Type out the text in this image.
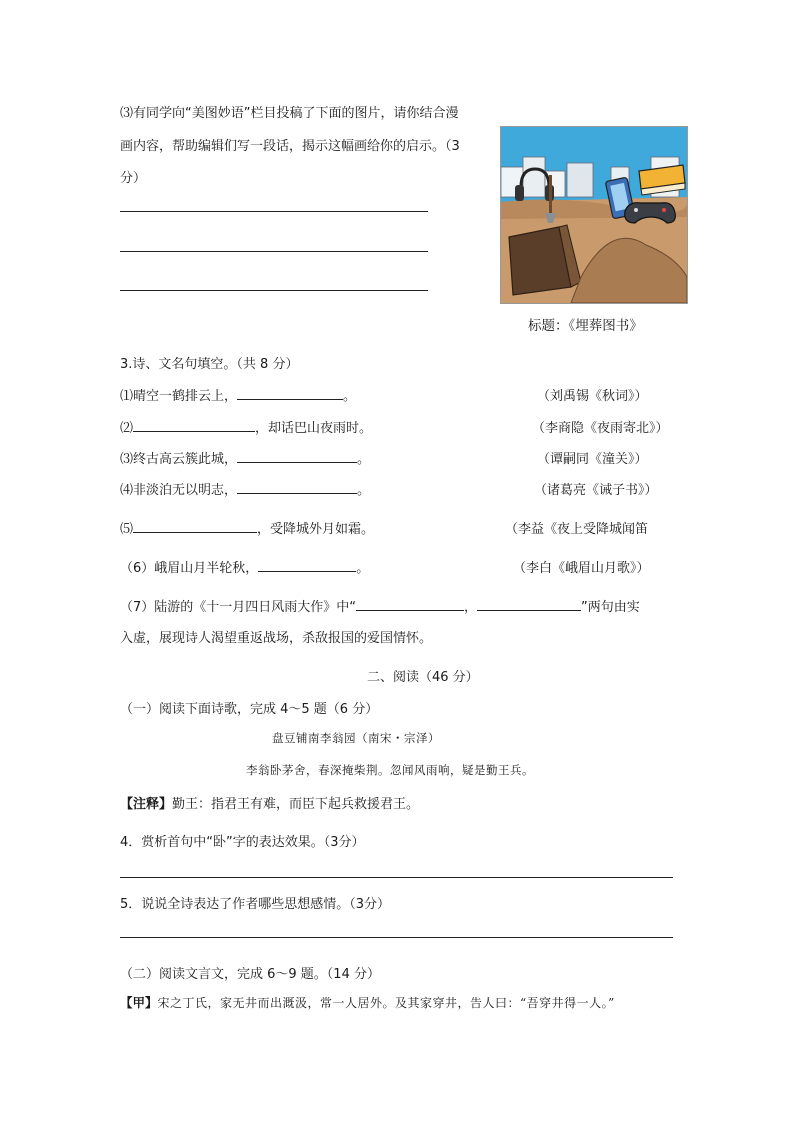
⑶有同学向“美图妙语”栏目投稿了下面的图片，请你结合漫
画内容，帮助编辑们写一段话，揭示这幅画给你的启示。（3
分）
标题：《埋葬图书》
3.诗、文名句填空。（共 8 分）
⑴晴空一鹤排云上，	。	（刘禹锡《秋词》）
⑵	，却话巴山夜雨时。	（李商隐《夜雨寄北》）
⑶终古高云簇此城，	。	（谭嗣同《潼关》）
⑷非淡泊无以明志，	。	（诸葛亮《诫子书》）
⑸	，受降城外月如霜。	（李益《夜上受降城闻笛
（6）峨眉山月半轮秋，	。	（李白《峨眉山月歌》）
（7）陆游的《十一月四日风雨大作》中“	，	”两句由实
入虚，展现诗人渴望重返战场，杀敌报国的爱国情怀。
二、阅读（46 分）
（一）阅读下面诗歌，完成 4～5 题（6 分）
盘豆铺南李翁园（南宋・宗泽）
李翁卧茅舍，春深掩柴荆。忽闻风雨响，疑是勤王兵。
【注释】勤王：指君王有难，而臣下起兵救援君王。
4．赏析首句中“卧”字的表达效果。（3分）
5．说说全诗表达了作者哪些思想感情。（3分）
（二）阅读文言文，完成 6～9 题。（14 分）
【甲】宋之丁氏，家无井而出溉汲，常一人居外。及其家穿井，告人曰：“吾穿井得一人。”
